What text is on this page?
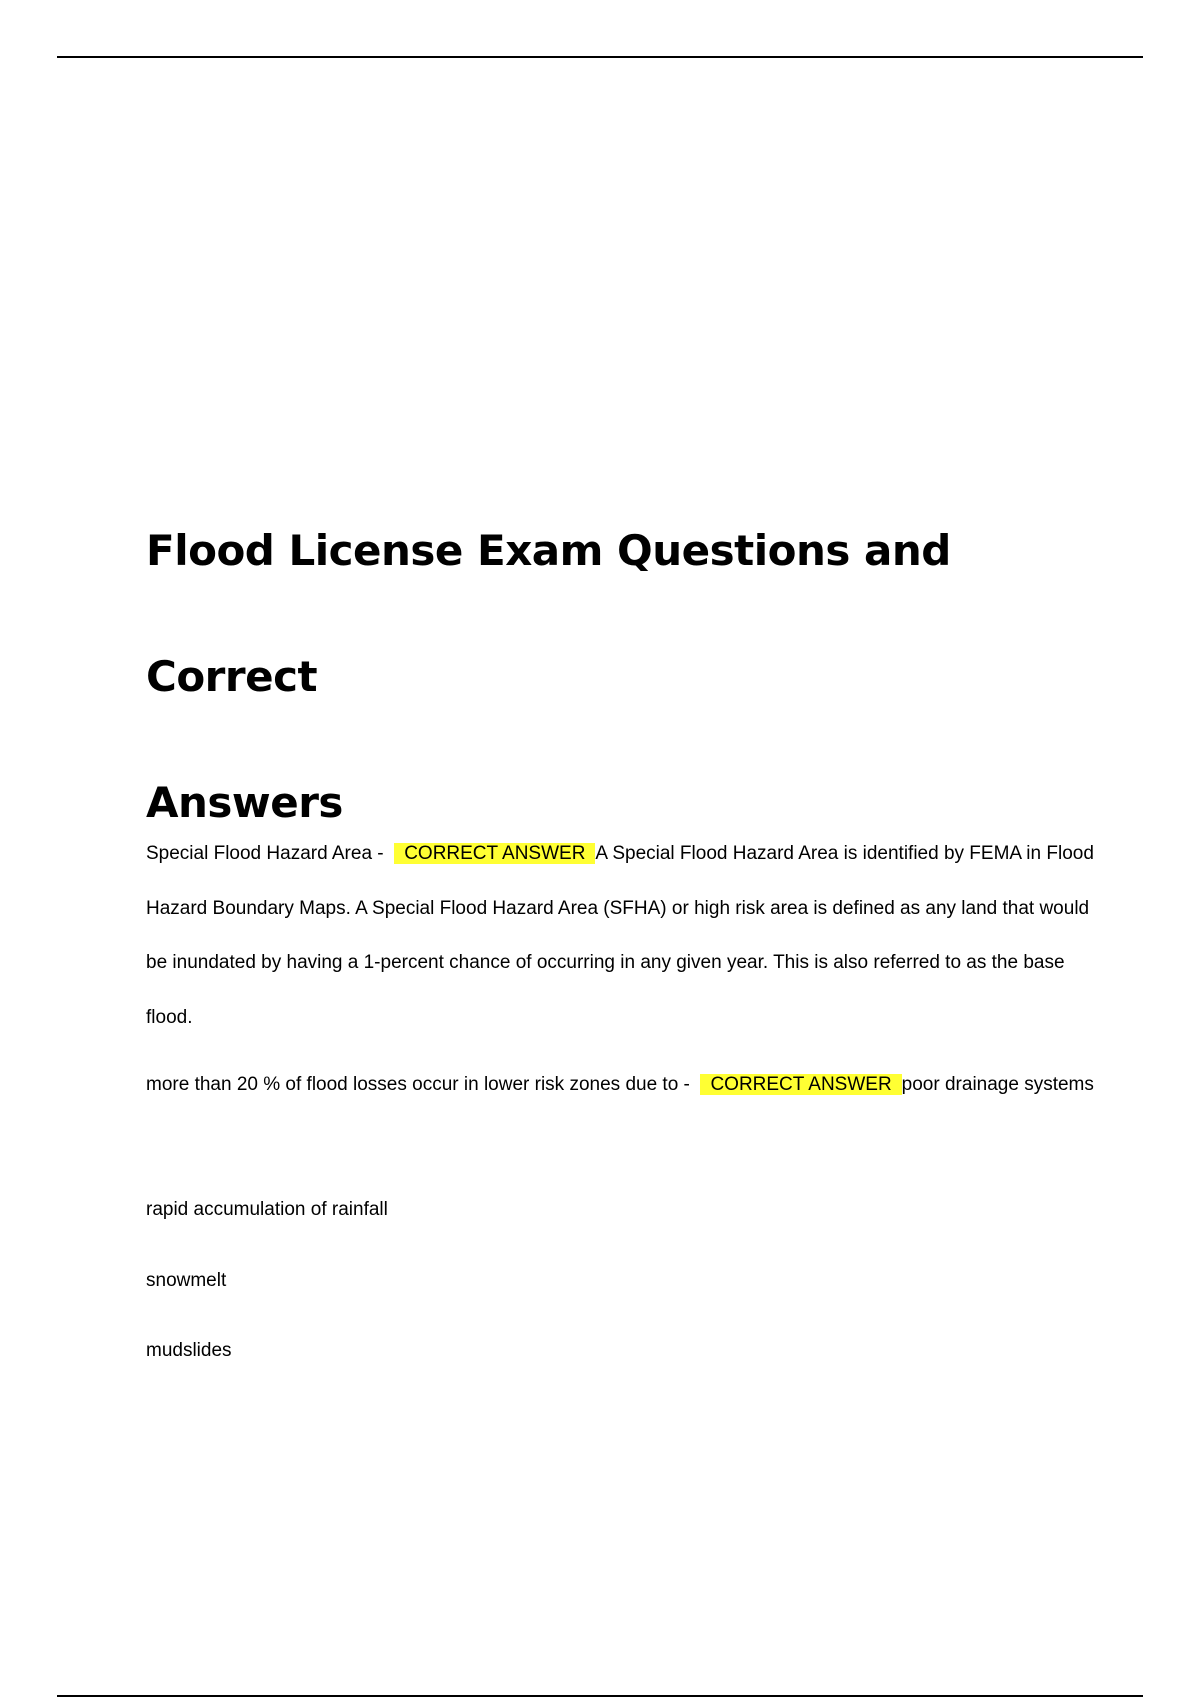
Flood License Exam Questions and Correct
Answers

Special Flood Hazard Area - CORRECT ANSWER A Special Flood Hazard Area is identified by FEMA in Flood Hazard Boundary Maps. A Special Flood Hazard Area (SFHA) or high risk area is defined as any land that would be inundated by having a 1-percent chance of occurring in any given year. This is also referred to as the base flood.

more than 20 % of flood losses occur in lower risk zones due to - CORRECT ANSWER poor drainage systems

rapid accumulation of rainfall

snowmelt

mudslides
